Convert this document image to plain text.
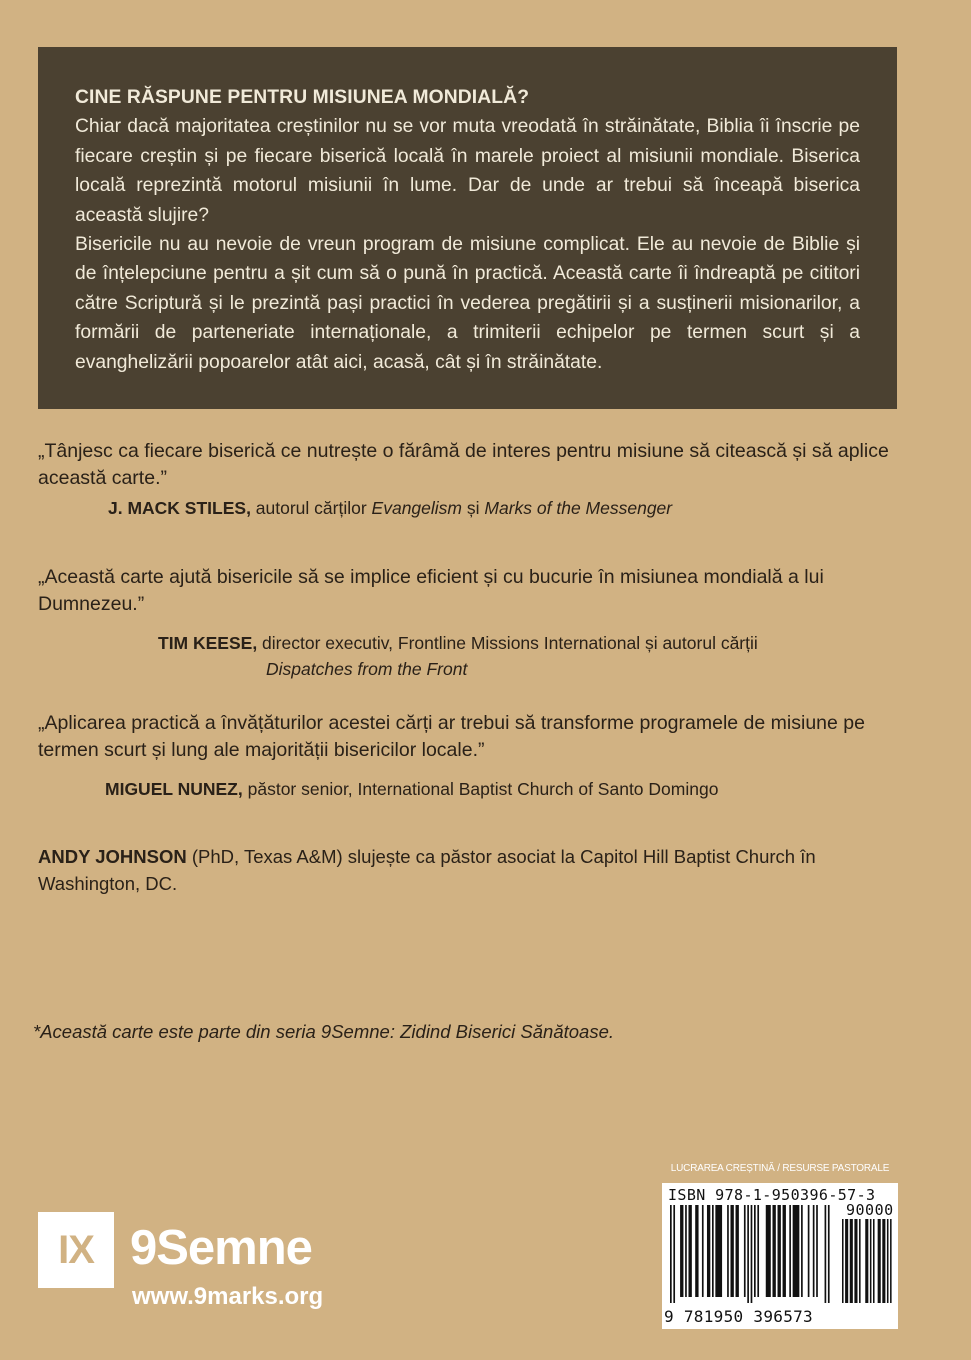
CINE RĂSPUNE PENTRU MISIUNEA MONDIALĂ?

Chiar dacă majoritatea creștinilor nu se vor muta vreodată în străinătate, Biblia îi înscrie pe fiecare creștin și pe fiecare biserică locală în marele proiect al misiunii mondiale. Biserica locală reprezintă motorul misiunii în lume. Dar de unde ar trebui să înceapă biserica această slujire?

Bisericile nu au nevoie de vreun program de misiune complicat. Ele au nevoie de Biblie și de înțelepciune pentru a șit cum să o pună în practică. Această carte îi îndreaptă pe cititori către Scriptură și le prezintă pași practici în vederea pregătirii și a susținerii misionarilor, a formării de parteneriate internaționale, a trimiterii echipelor pe termen scurt și a evanghelizării popoarelor atât aici, acasă, cât și în străinătate.

„Tânjesc ca fiecare biserică ce nutrește o fărâmă de interes pentru misiune să citească și să aplice această carte.”

J. MACK STILES, autorul cărților Evangelism și Marks of the Messenger

„Această carte ajută bisericile să se implice eficient și cu bucurie în misiunea mondială a lui Dumnezeu.”

TIM KEESE, director executiv, Frontline Missions International și autorul cărții
Dispatches from the Front

„Aplicarea practică a învățăturilor acestei cărți ar trebui să transforme programele de misiune pe termen scurt și lung ale majorității bisericilor locale.”

MIGUEL NUNEZ, păstor senior, International Baptist Church of Santo Domingo
ANDY JOHNSON (PhD, Texas A&M) slujește ca păstor asociat la Capitol Hill Baptist Church în Washington, DC.
*Această carte este parte din seria 9Semne: Zidind Biserici Sănătoase.
IX 9Semne
www.9marks.org
LUCRAREA CREȘTINĂ / RESURSE PASTORALE
ISBN 978-1-950396-57-3
90000
9 781950 396573
